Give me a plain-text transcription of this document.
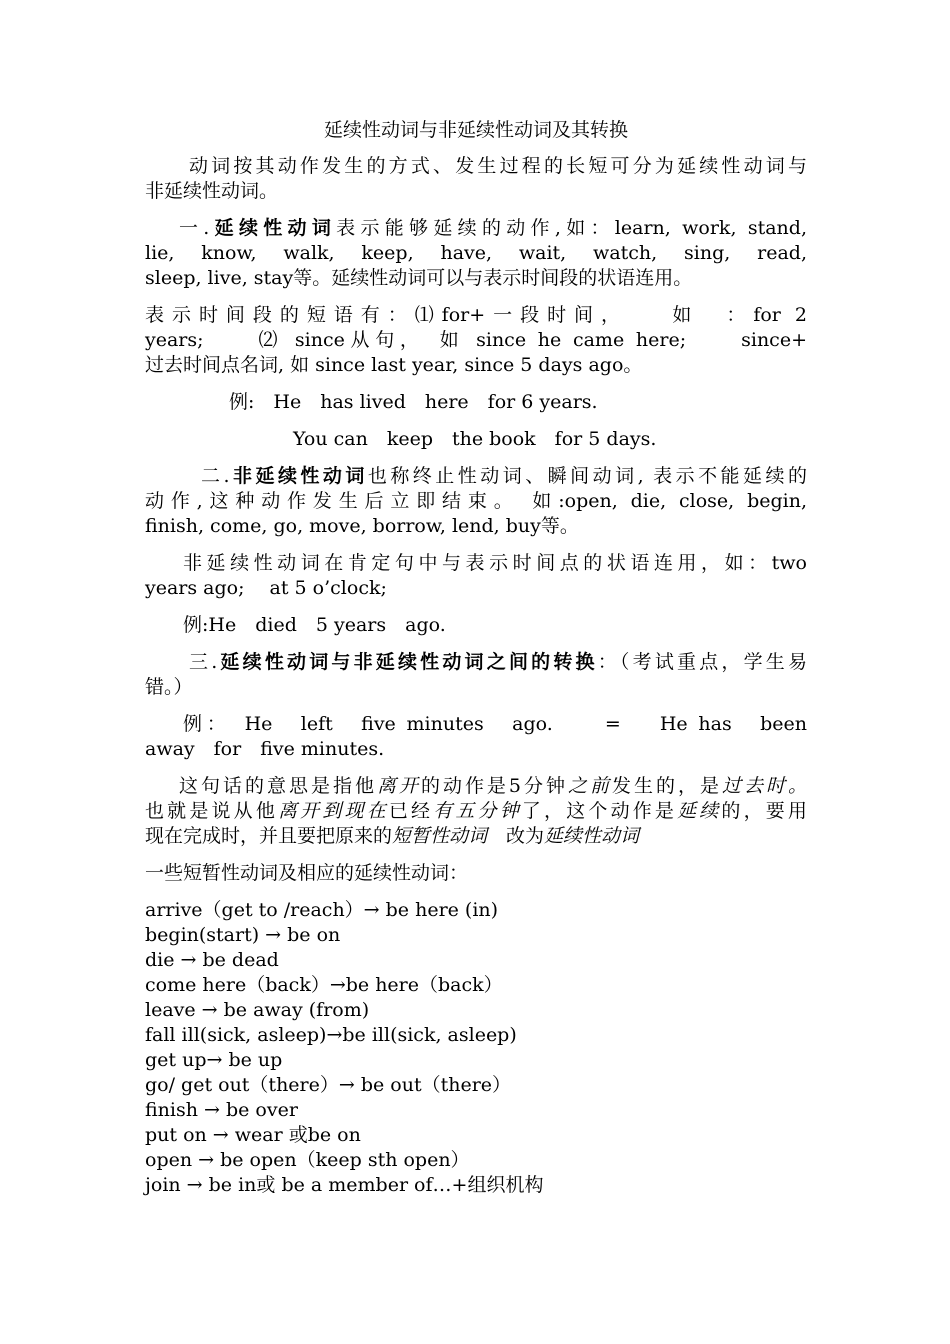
延续性动词与非延续性动词及其转换

动词按其动作发生的方式、发生过程的长短可分为延续性动词与

非延续性动词。

一.延续性动词表示能够延续的动作,如：learn, work, stand,

lie, know, walk, keep, have, wait, watch, sing, read,

sleep, live, stay等。延续性动词可以与表示时间段的状语连用。

表示时间段的短语有：⑴for+一段时间，　　如　：for 2

years;　　⑵ since从句，　如 since he came here;　　since+

过去时间点名词, 如 since last year, since 5 days ago。

例:　He　has lived　here　for 6 years.

You can　keep　the book　for 5 days.

二.非延续性动词也称终止性动词、瞬间动词, 表示不能延续的

动作,这种动作发生后立即结束。 如:open, die, close, begin,

finish, come, go, move, borrow, lend, buy等。

非延续性动词在肯定句中与表示时间点的状语连用，如：two

years ago;　 at 5 o’clock;

例:He　died　5 years　ago.

三.延续性动词与非延续性动词之间的转换：（考试重点，学生易

错。）

例：　He　left　five minutes　ago.　　=　 He has　been

away　for　five minutes.

这句话的意思是指他离开的动作是5分钟之前发生的，是过去时。

也就是说从他离开到现在已经有五分钟了，这个动作是延续的，要用

现在完成时，并且要把原来的短暂性动词　改为延续性动词

一些短暂性动词及相应的延续性动词：

arrive（get to /reach）→ be here (in)

begin(start) → be on

die → be dead

come here（back）→be here（back）

leave → be away (from)

fall ill(sick, asleep)→be ill(sick, asleep)

get up→ be up

go/ get out（there）→ be out（there）

finish → be over

put on → wear 或be on

open → be open（keep sth open）

join → be in或 be a member of…+组织机构
